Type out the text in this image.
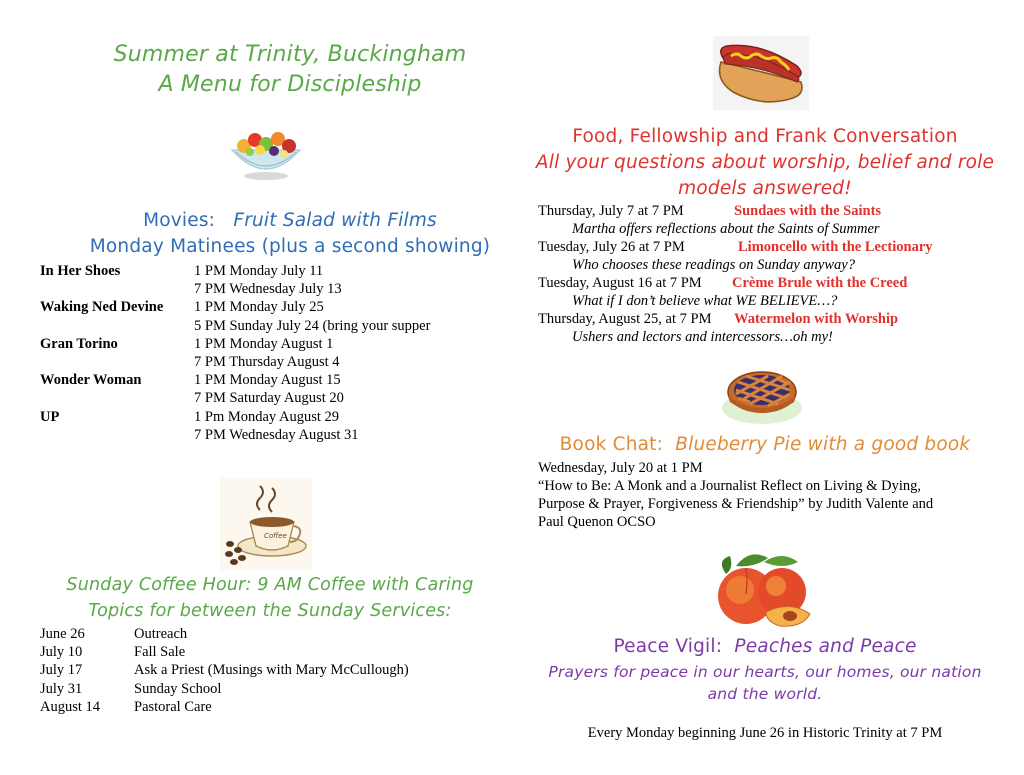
Summer at Trinity, Buckingham
A Menu for Discipleship
Movies: Fruit Salad with Films
Monday Matinees (plus a second showing)
In Her Shoes	1 PM Monday July 11
	7 PM Wednesday July 13
Waking Ned Devine	1 PM Monday July 25
	5 PM Sunday July 24 (bring your supper
Gran Torino	1 PM Monday August 1
	7 PM Thursday August 4
Wonder Woman	1 PM Monday August 15
	7 PM Saturday August 20
UP	1 Pm Monday August 29
	7 PM Wednesday August 31
Coffee
Sunday Coffee Hour: 9 AM Coffee with Caring
Topics for between the Sunday Services:
June 26	Outreach
July 10	Fall Sale
July 17	Ask a Priest (Musings with Mary McCullough)
July 31	Sunday School
August 14	Pastoral Care
Food, Fellowship and Frank Conversation
All your questions about worship, belief and role
models answered!
Thursday, July 7 at 7 PM	Sundaes with the Saints
Martha offers reflections about the Saints of Summer
Tuesday, July 26 at 7 PM	Limoncello with the Lectionary
Who chooses these readings on Sunday anyway?
Tuesday, August 16 at 7 PM Crème Brule with the Creed
What if I don’t believe what WE BELIEVE…?
Thursday, August 25, at 7 PM Watermelon with Worship
Ushers and lectors and intercessors…oh my!
Book Chat: Blueberry Pie with a good book
Wednesday, July 20 at 1 PM
“How to Be: A Monk and a Journalist Reflect on Living & Dying,
Purpose & Prayer, Forgiveness & Friendship” by Judith Valente and
Paul Quenon OCSO
Peace Vigil: Peaches and Peace
Prayers for peace in our hearts, our homes, our nation
and the world.
Every Monday beginning June 26 in Historic Trinity at 7 PM
